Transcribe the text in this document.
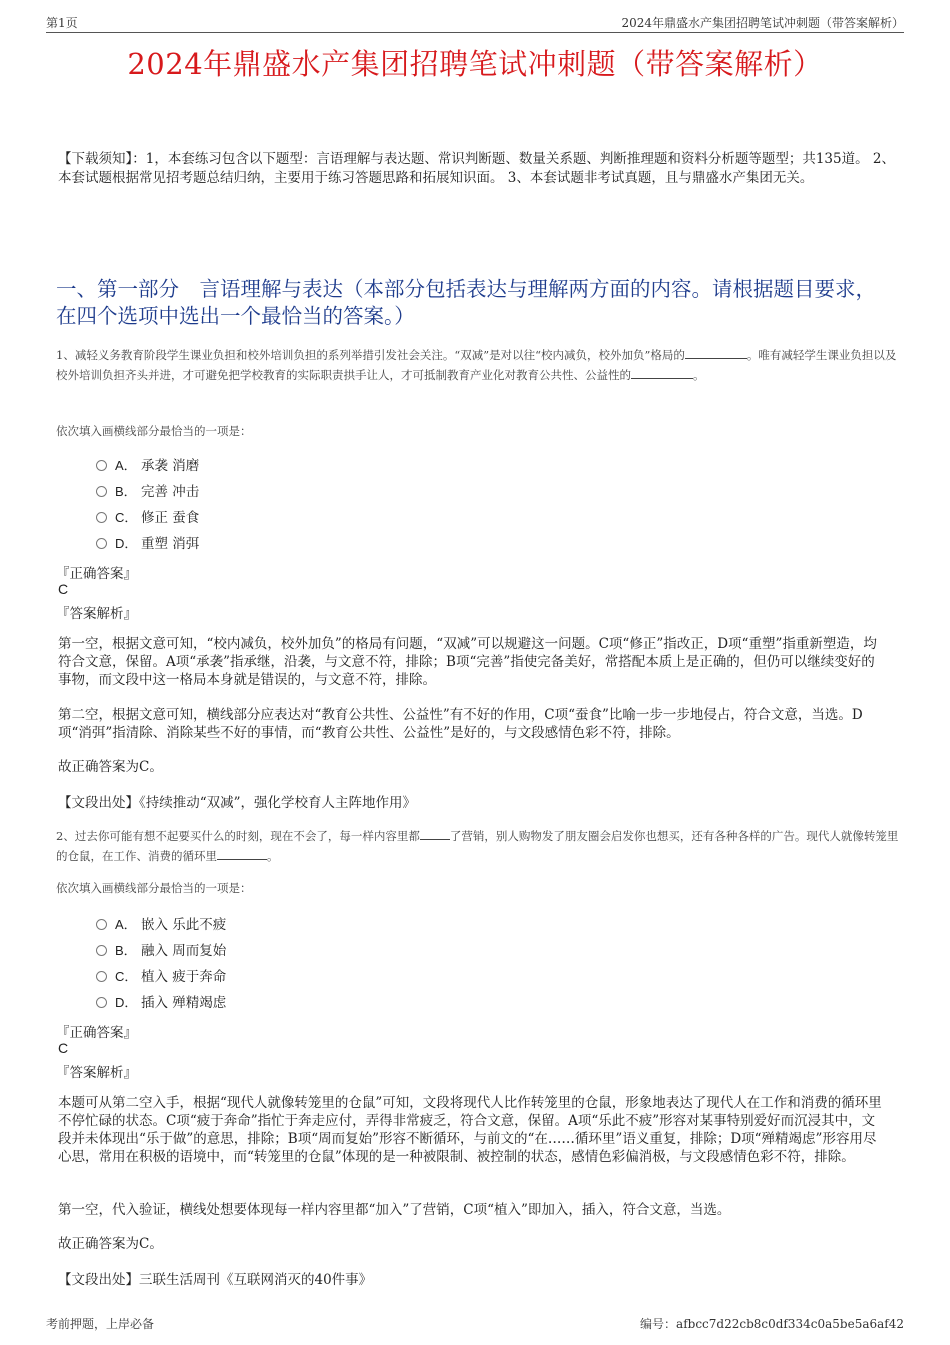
第1页	2024年鼎盛水产集团招聘笔试冲刺题（带答案解析）
2024年鼎盛水产集团招聘笔试冲刺题（带答案解析）
【下载须知】：1，本套练习包含以下题型：言语理解与表达题、常识判断题、数量关系题、判断推理题和资料分析题等题型；共135道。 2、本套试题根据常见招考题总结归纳，主要用于练习答题思路和拓展知识面。 3、本套试题非考试真题，且与鼎盛水产集团无关。
一、第一部分　言语理解与表达（本部分包括表达与理解两方面的内容。请根据题目要求，在四个选项中选出一个最恰当的答案。）
1、减轻义务教育阶段学生课业负担和校外培训负担的系列举措引发社会关注。“双减”是对以往“校内减负，校外加负”格局的	。唯有减轻学生课业负担以及校外培训负担齐头并进，才可避免把学校教育的实际职责拱手让人，才可抵制教育产业化对教育公共性、公益性的	。
依次填入画横线部分最恰当的一项是：
A． 承袭 消磨
B． 完善 冲击
C． 修正 蚕食
D． 重塑 消弭
『正确答案』
C
『答案解析』
第一空，根据文意可知，“校内减负，校外加负”的格局有问题，“双减”可以规避这一问题。C项“修正”指改正，D项“重塑”指重新塑造，均符合文意，保留。A项“承袭”指承继，沿袭，与文意不符，排除；B项“完善”指使完备美好，常搭配本质上是正确的，但仍可以继续变好的事物，而文段中这一格局本身就是错误的，与文意不符，排除。
第二空，根据文意可知，横线部分应表达对“教育公共性、公益性”有不好的作用，C项“蚕食”比喻一步一步地侵占，符合文意，当选。D项“消弭”指清除、消除某些不好的事情，而“教育公共性、公益性”是好的，与文段感情色彩不符，排除。
故正确答案为C。
【文段出处】《持续推动“双减”，强化学校育人主阵地作用》
2、过去你可能有想不起要买什么的时刻，现在不会了，每一样内容里都	了营销，别人购物发了朋友圈会启发你也想买，还有各种各样的广告。现代人就像转笼里的仓鼠，在工作、消费的循环里	。
依次填入画横线部分最恰当的一项是：
A． 嵌入 乐此不疲
B． 融入 周而复始
C． 植入 疲于奔命
D． 插入 殚精竭虑
『正确答案』
C
『答案解析』
本题可从第二空入手，根据“现代人就像转笼里的仓鼠”可知，文段将现代人比作转笼里的仓鼠，形象地表达了现代人在工作和消费的循环里不停忙碌的状态。C项“疲于奔命”指忙于奔走应付，弄得非常疲乏，符合文意，保留。A项“乐此不疲”形容对某事特别爱好而沉浸其中，文段并未体现出“乐于做”的意思，排除；B项“周而复始”形容不断循环，与前文的“在……循环里”语义重复，排除；D项“殚精竭虑”形容用尽心思，常用在积极的语境中，而“转笼里的仓鼠”体现的是一种被限制、被控制的状态，感情色彩偏消极，与文段感情色彩不符，排除。
第一空，代入验证，横线处想要体现每一样内容里都“加入”了营销，C项“植入”即加入，插入，符合文意，当选。
故正确答案为C。
【文段出处】三联生活周刊《互联网消灭的40件事》
考前押题，上岸必备	编号：afbcc7d22cb8c0df334c0a5be5a6af42
